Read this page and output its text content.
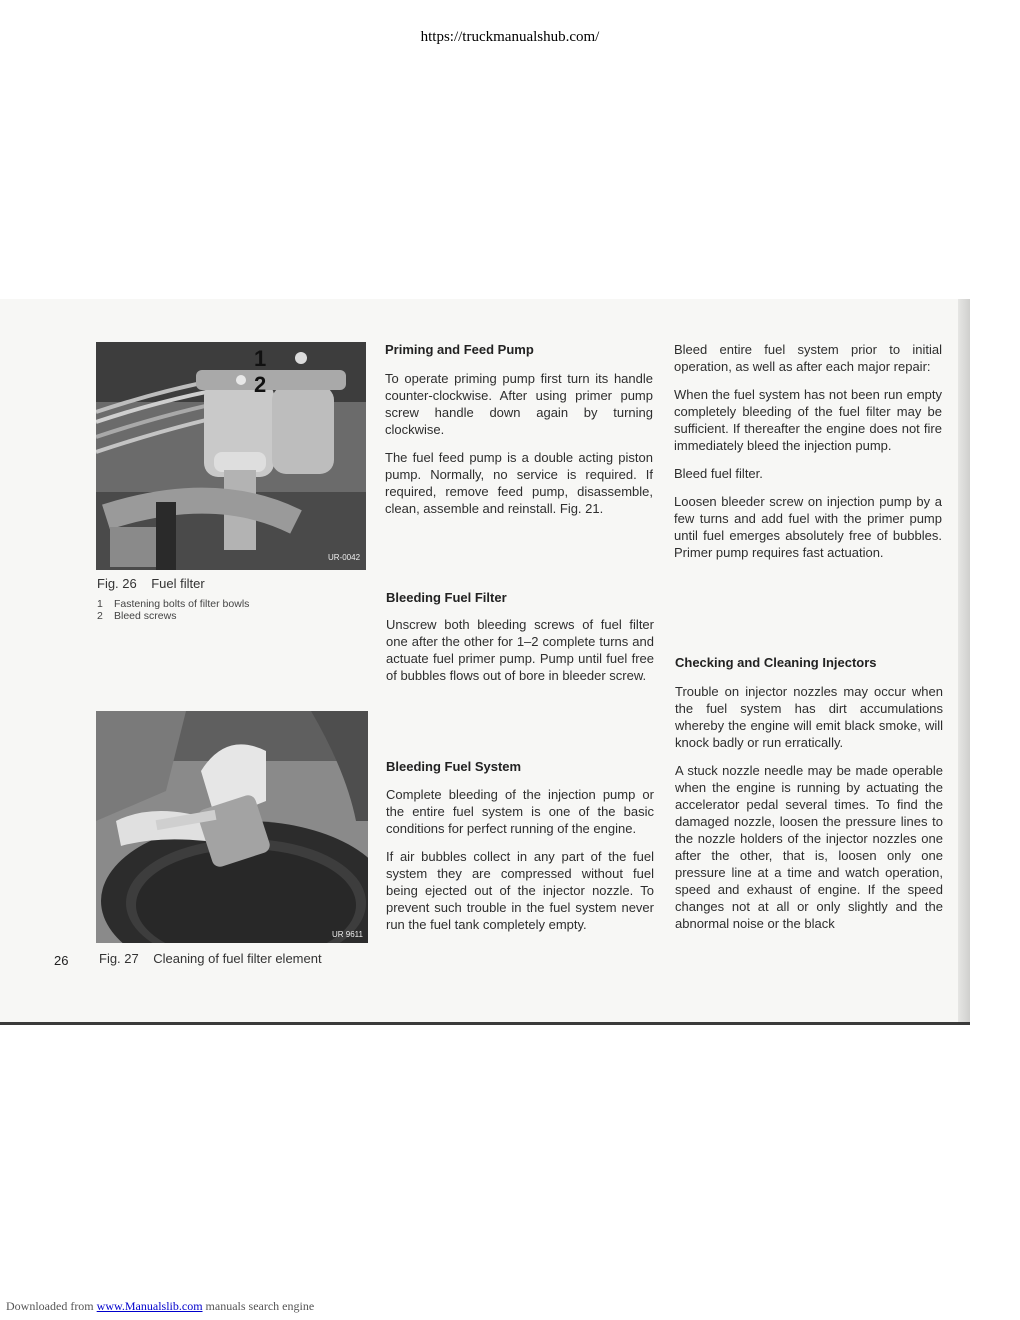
https://truckmanualshub.com/
1
2
UR-0042
Fig. 26 Fuel filter
1 Fastening bolts of filter bowls
2 Bleed screws
UR 9611
26 Fig. 27 Cleaning of fuel filter element
Priming and Feed Pump

To operate priming pump first turn its handle counter-clockwise. After using primer pump screw handle down again by turning clockwise.

The fuel feed pump is a double acting piston pump. Normally, no service is required. If required, remove feed pump, disassemble, clean, assemble and reinstall. Fig. 21.

Bleeding Fuel Filter

Unscrew both bleeding screws of fuel filter one after the other for 1–2 complete turns and actuate fuel primer pump. Pump until fuel free of bubbles flows out of bore in bleeder screw.

Bleeding Fuel System

Complete bleeding of the injection pump or the entire fuel system is one of the basic conditions for perfect running of the engine.

If air bubbles collect in any part of the fuel system they are compressed without fuel being ejected out of the injector nozzle. To prevent such trouble in the fuel system never run the fuel tank completely empty.

Bleed entire fuel system prior to initial operation, as well as after each major repair:

When the fuel system has not been run empty completely bleeding of the fuel filter may be sufficient. If thereafter the engine does not fire immediately bleed the injection pump.

Bleed fuel filter.

Loosen bleeder screw on injection pump by a few turns and add fuel with the primer pump until fuel emerges absolutely free of bubbles. Primer pump requires fast actuation.

Checking and Cleaning Injectors

Trouble on injector nozzles may occur when the fuel system has dirt accumulations whereby the engine will emit black smoke, will knock badly or run erratically.

A stuck nozzle needle may be made operable when the engine is running by actuating the accelerator pedal several times. To find the damaged nozzle, loosen the pressure lines to the nozzle holders of the injector nozzles one after the other, that is, loosen only one pressure line at a time and watch operation, speed and exhaust of engine. If the speed changes not at all or only slightly and the abnormal noise or the black

Downloaded from www.Manualslib.com manuals search engine
